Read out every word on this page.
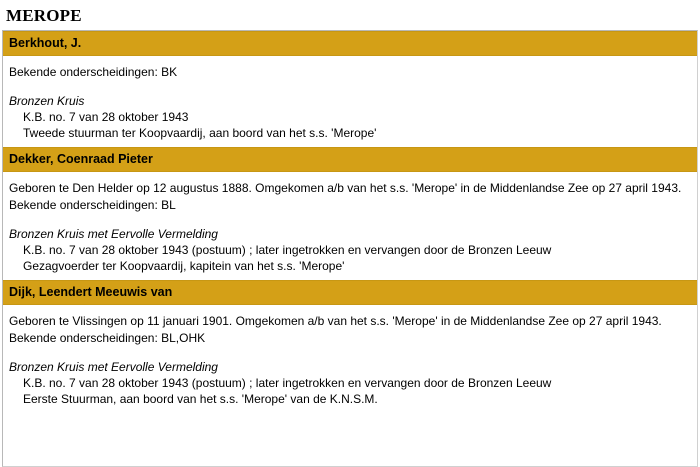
MEROPE
Berkhout, J.
Bekende onderscheidingen: BK
Bronzen Kruis
K.B. no. 7 van 28 oktober 1943
Tweede stuurman ter Koopvaardij, aan boord van het s.s. 'Merope'
Dekker, Coenraad Pieter
Geboren te Den Helder op 12 augustus 1888. Omgekomen a/b van het s.s. 'Merope' in de Middenlandse Zee op 27 april 1943.
Bekende onderscheidingen: BL
Bronzen Kruis met Eervolle Vermelding
K.B. no. 7 van 28 oktober 1943 (postuum) ; later ingetrokken en vervangen door de Bronzen Leeuw
Gezagvoerder ter Koopvaardij, kapitein van het s.s. 'Merope'
Dijk, Leendert Meeuwis van
Geboren te Vlissingen op 11 januari 1901. Omgekomen a/b van het s.s. 'Merope' in de Middenlandse Zee op 27 april 1943.
Bekende onderscheidingen: BL,OHK
Bronzen Kruis met Eervolle Vermelding
K.B. no. 7 van 28 oktober 1943 (postuum) ; later ingetrokken en vervangen door de Bronzen Leeuw
Eerste Stuurman, aan boord van het s.s. 'Merope' van de K.N.S.M.
